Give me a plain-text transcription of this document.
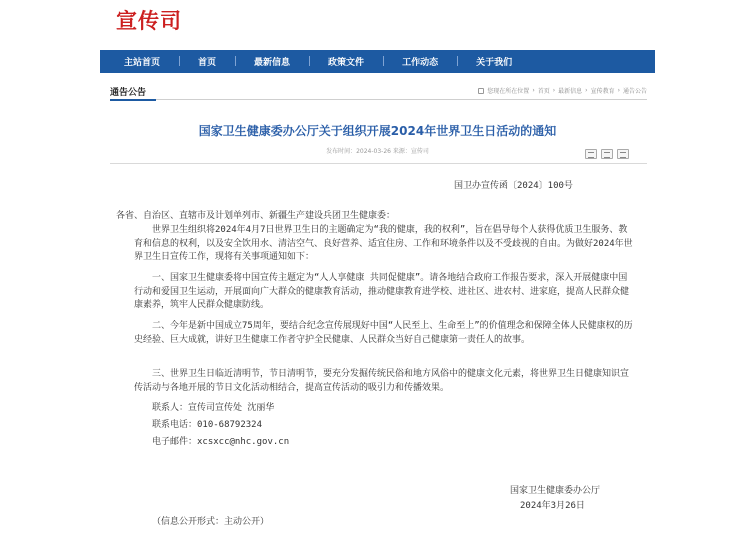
宣传司
主站首页	首页	最新信息	政策文件	工作动态	关于我们
通告公告	您现在所在位置 › 首页 › 最新信息 › 宣传教育 › 通告公告
国家卫生健康委办公厅关于组织开展2024年世界卫生日活动的通知
发布时间：2024-03-26 来源：宣传司
国卫办宣传函〔2024〕100号

各省、自治区、直辖市及计划单列市、新疆生产建设兵团卫生健康委：

世界卫生组织将2024年4月7日世界卫生日的主题确定为“我的健康，我的权利”，旨在倡导每个人获得优质卫生服务、教育和信息的权利，以及安全饮用水、清洁空气、良好营养、适宜住房、工作和环境条件以及不受歧视的自由。为做好2024年世界卫生日宣传工作，现将有关事项通知如下：

一、国家卫生健康委将中国宣传主题定为“人人享健康 共同促健康”。请各地结合政府工作报告要求，深入开展健康中国行动和爱国卫生运动，开展面向广大群众的健康教育活动，推动健康教育进学校、进社区、进农村、进家庭，提高人民群众健康素养，筑牢人民群众健康防线。

二、今年是新中国成立75周年，要结合纪念宣传展现好中国“人民至上、生命至上”的价值理念和保障全体人民健康权的历史经验、巨大成就，讲好卫生健康工作者守护全民健康、人民群众当好自己健康第一责任人的故事。

三、世界卫生日临近清明节，节日清明节，要充分发掘传统民俗和地方风俗中的健康文化元素，将世界卫生日健康知识宣传活动与各地开展的节日文化活动相结合，提高宣传活动的吸引力和传播效果。

联系人：宣传司宣传处 沈丽华

联系电话：010-68792324

电子邮件：xcsxcc@nhc.gov.cn

国家卫生健康委办公厅
2024年3月26日
（信息公开形式：主动公开）
